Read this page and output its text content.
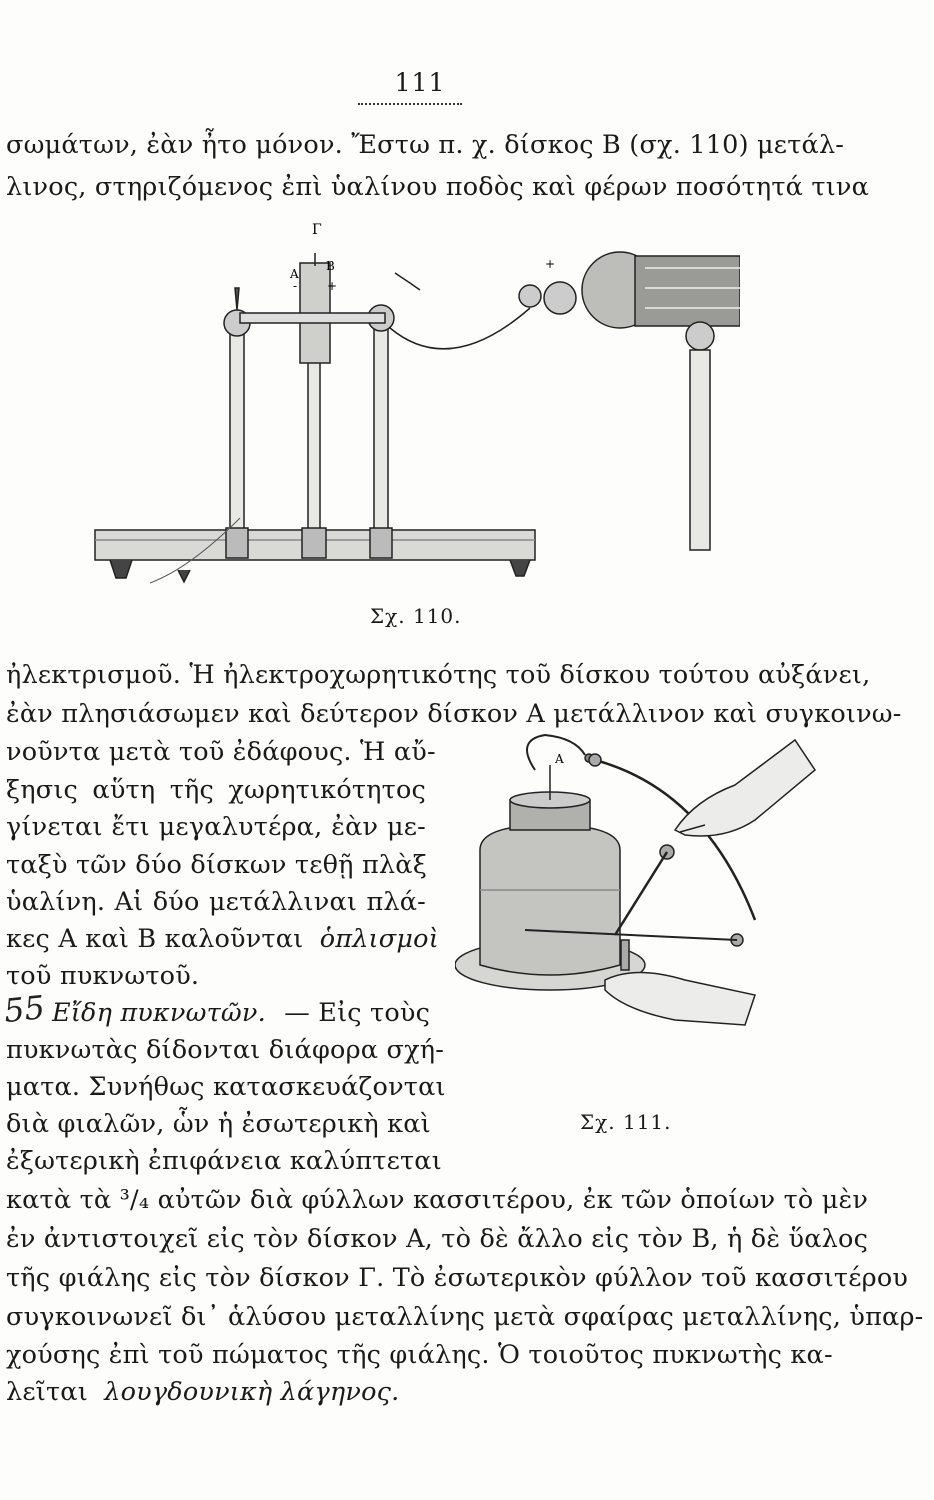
111
σωμάτων, ἐὰν ἦτο μόνον. Ἔστω π. χ. δίσκος Β (σχ. 110) μετάλ-
λινος, στηριζόμενος ἐπὶ ὑαλίνου ποδὸς καὶ φέρων ποσότητά τινα
Γ
Α
Β
- +
+
Σχ. 110.
ἠλεκτρισμοῦ. Ἡ ἠλεκτροχωρητικότης τοῦ δίσκου τούτου αὐξάνει,
ἐὰν πλησιάσωμεν καὶ δεύτερον δίσκον Α μετάλλινον καὶ συγκοινω-
νοῦντα μετὰ τοῦ ἐδάφους. Ἡ αὔ-
ξησις αὕτη τῆς χωρητικότητος
γίνεται ἔτι μεγαλυτέρα, ἐὰν με-
ταξὺ τῶν δύο δίσκων τεθῇ πλὰξ
ὑαλίνη. Αἱ δύο μετάλλιναι πλά-
κες Α καὶ Β καλοῦνται ὁπλισμοὶ
τοῦ πυκνωτοῦ.
55 Εἴδη πυκνωτῶν. — Εἰς τοὺς
πυκνωτὰς δίδονται διάφορα σχή-
ματα. Συνήθως κατασκευάζονται
διὰ φιαλῶν, ὧν ἡ ἐσωτερικὴ καὶ
ἐξωτερικὴ ἐπιφάνεια καλύπτεται
Α
Σχ. 111.
κατὰ τὰ ³/₄ αὐτῶν διὰ φύλλων κασσιτέρου, ἐκ τῶν ὁποίων τὸ μὲν
ἐν ἀντιστοιχεῖ εἰς τὸν δίσκον Α, τὸ δὲ ἄλλο εἰς τὸν Β, ἡ δὲ ὕαλος
τῆς φιάλης εἰς τὸν δίσκον Γ. Τὸ ἐσωτερικὸν φύλλον τοῦ κασσιτέρου
συγκοινωνεῖ δι᾽ ἁλύσου μεταλλίνης μετὰ σφαίρας μεταλλίνης, ὑπαρ-
χούσης ἐπὶ τοῦ πώματος τῆς φιάλης. Ὁ τοιοῦτος πυκνωτὴς κα-
λεῖται λουγδουνικὴ λάγηνος.
